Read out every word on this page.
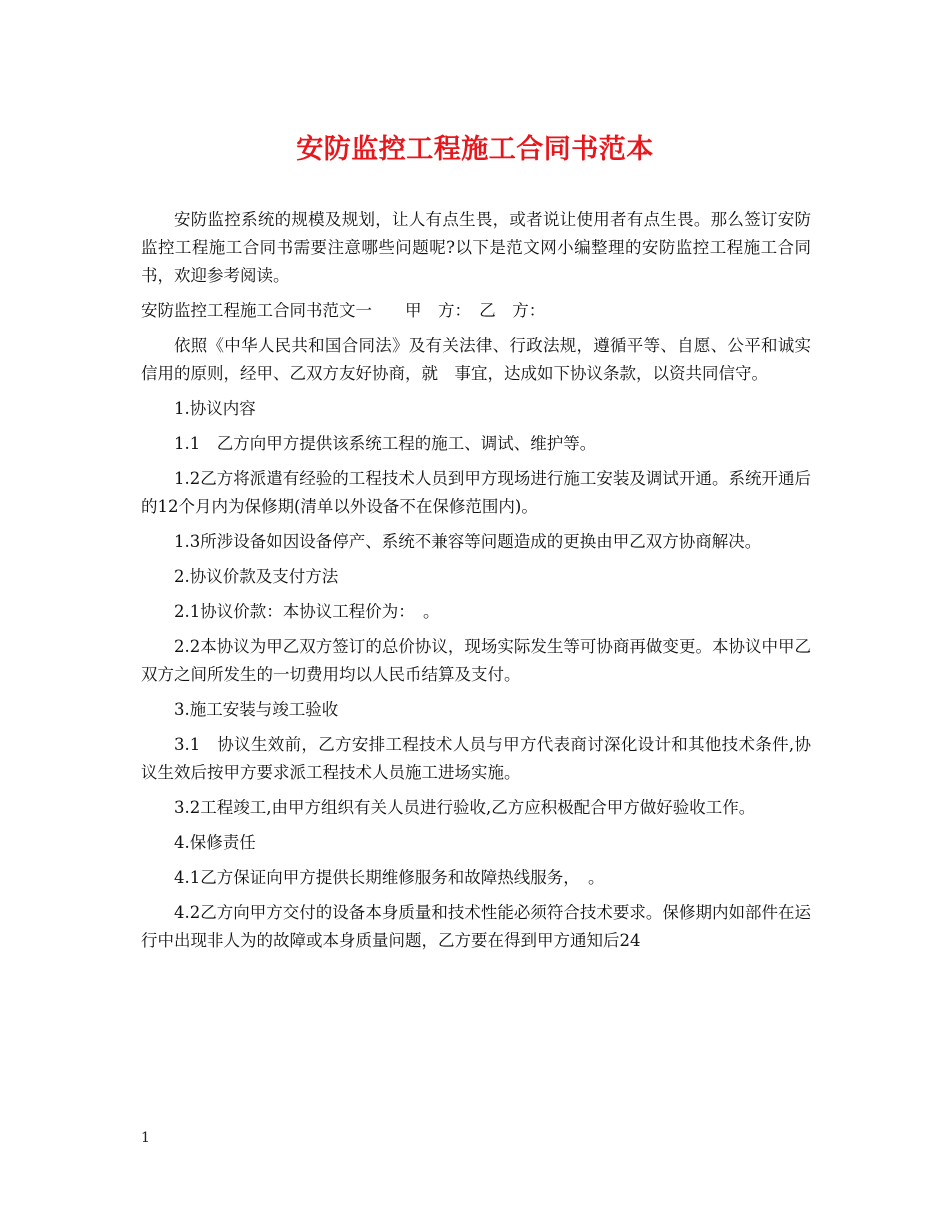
安防监控工程施工合同书范本

安防监控系统的规模及规划，让人有点生畏，或者说让使用者有点生畏。那么签订安防监控工程施工合同书需要注意哪些问题呢?以下是范文网小编整理的安防监控工程施工合同书，欢迎参考阅读。

安防监控工程施工合同书范文一　　甲　方：　乙　方：

依照《中华人民共和国合同法》及有关法律、行政法规，遵循平等、自愿、公平和诚实信用的原则，经甲、乙双方友好协商，就　事宜，达成如下协议条款，以资共同信守。

1.协议内容

1.1　乙方向甲方提供该系统工程的施工、调试、维护等。

1.2乙方将派遣有经验的工程技术人员到甲方现场进行施工安装及调试开通。系统开通后的12个月内为保修期(清单以外设备不在保修范围内)。

1.3所涉设备如因设备停产、系统不兼容等问题造成的更换由甲乙双方协商解决。

2.协议价款及支付方法

2.1协议价款：本协议工程价为：　。

2.2本协议为甲乙双方签订的总价协议，现场实际发生等可协商再做变更。本协议中甲乙双方之间所发生的一切费用均以人民币结算及支付。

3.施工安装与竣工验收

3.1　协议生效前，乙方安排工程技术人员与甲方代表商讨深化设计和其他技术条件,协议生效后按甲方要求派工程技术人员施工进场实施。

3.2工程竣工,由甲方组织有关人员进行验收,乙方应积极配合甲方做好验收工作。

4.保修责任

4.1乙方保证向甲方提供长期维修服务和故障热线服务，　。

4.2乙方向甲方交付的设备本身质量和技术性能必须符合技术要求。保修期内如部件在运行中出现非人为的故障或本身质量问题，乙方要在得到甲方通知后24

1
